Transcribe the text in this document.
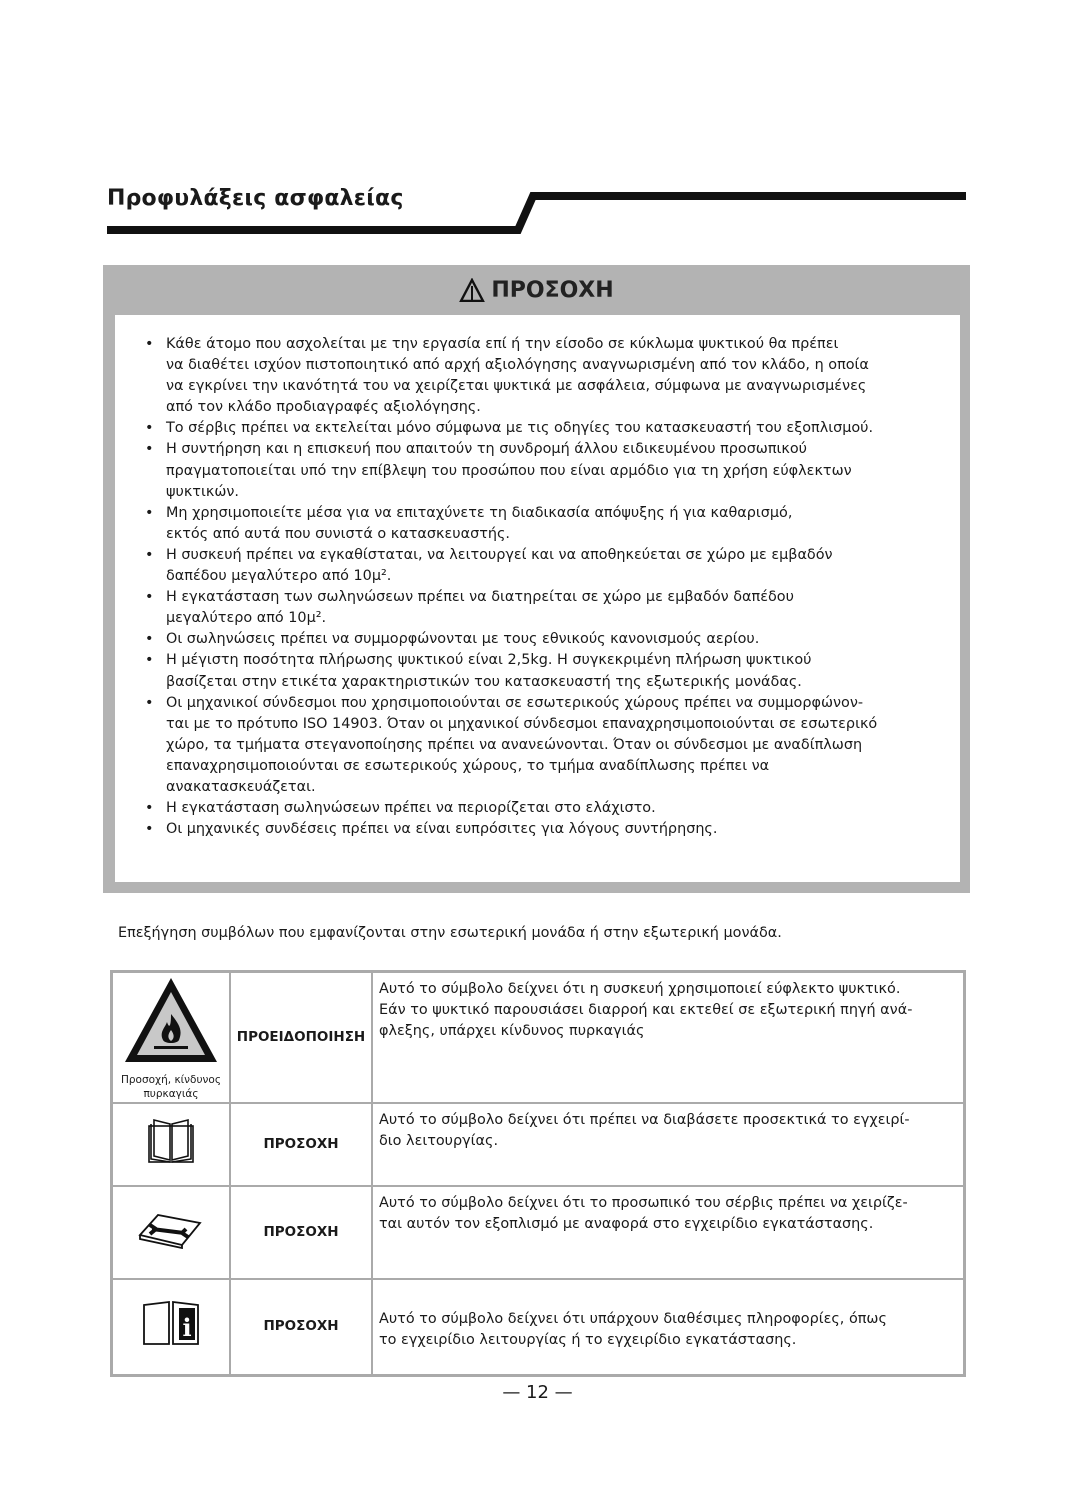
Προφυλάξεις ασφαλείας
ΠΡΟΣΟΧΗ
• Κάθε άτομο που ασχολείται με την εργασία επί ή την είσοδο σε κύκλωμα ψυκτικού θα πρέπει
να διαθέτει ισχύον πιστοποιητικό από αρχή αξιολόγησης αναγνωρισμένη από τον κλάδο, η οποία
να εγκρίνει την ικανότητά του να χειρίζεται ψυκτικά με ασφάλεια, σύμφωνα με αναγνωρισμένες
από τον κλάδο προδιαγραφές αξιολόγησης.
• Το σέρβις πρέπει να εκτελείται μόνο σύμφωνα με τις οδηγίες του κατασκευαστή του εξοπλισμού.
• Η συντήρηση και η επισκευή που απαιτούν τη συνδρομή άλλου ειδικευμένου προσωπικού
πραγματοποιείται υπό την επίβλεψη του προσώπου που είναι αρμόδιο για τη χρήση εύφλεκτων
ψυκτικών.
• Μη χρησιμοποιείτε μέσα για να επιταχύνετε τη διαδικασία απόψυξης ή για καθαρισμό,
εκτός από αυτά που συνιστά ο κατασκευαστής.
• Η συσκευή πρέπει να εγκαθίσταται, να λειτουργεί και να αποθηκεύεται σε χώρο με εμβαδόν
δαπέδου μεγαλύτερο από 10μ².
• Η εγκατάσταση των σωληνώσεων πρέπει να διατηρείται σε χώρο με εμβαδόν δαπέδου
μεγαλύτερο από 10μ².
• Οι σωληνώσεις πρέπει να συμμορφώνονται με τους εθνικούς κανονισμούς αερίου.
• Η μέγιστη ποσότητα πλήρωσης ψυκτικού είναι 2,5kg. Η συγκεκριμένη πλήρωση ψυκτικού
βασίζεται στην ετικέτα χαρακτηριστικών του κατασκευαστή της εξωτερικής μονάδας.
• Οι μηχανικοί σύνδεσμοι που χρησιμοποιούνται σε εσωτερικούς χώρους πρέπει να συμμορφώνον-
ται με το πρότυπο ISO 14903. Όταν οι μηχανικοί σύνδεσμοι επαναχρησιμοποιούνται σε εσωτερικό
χώρο, τα τμήματα στεγανοποίησης πρέπει να ανανεώνονται. Όταν οι σύνδεσμοι με αναδίπλωση
επαναχρησιμοποιούνται σε εσωτερικούς χώρους, το τμήμα αναδίπλωσης πρέπει να
ανακατασκευάζεται.
• Η εγκατάσταση σωληνώσεων πρέπει να περιορίζεται στο ελάχιστο.
• Οι μηχανικές συνδέσεις πρέπει να είναι ευπρόσιτες για λόγους συντήρησης.
Επεξήγηση συμβόλων που εμφανίζονται στην εσωτερική μονάδα ή στην εξωτερική μονάδα.
Προσοχή, κίνδυνος πυρκαγιάς	ΠΡΟΕΙΔΟΠΟΙΗΣΗ	Αυτό το σύμβολο δείχνει ότι η συσκευή χρησιμοποιεί εύφλεκτο ψυκτικό.
Εάν το ψυκτικό παρουσιάσει διαρροή και εκτεθεί σε εξωτερική πηγή ανά-
φλεξης, υπάρχει κίνδυνος πυρκαγιάς

	ΠΡΟΣΟΧΗ	Αυτό το σύμβολο δείχνει ότι πρέπει να διαβάσετε προσεκτικά το εγχειρί-
διο λειτουργίας.

	ΠΡΟΣΟΧΗ	Αυτό το σύμβολο δείχνει ότι το προσωπικό του σέρβις πρέπει να χειρίζε-
ται αυτόν τον εξοπλισμό με αναφορά στο εγχειρίδιο εγκατάστασης.

i	ΠΡΟΣΟΧΗ	Αυτό το σύμβολο δείχνει ότι υπάρχουν διαθέσιμες πληροφορίες, όπως
το εγχειρίδιο λειτουργίας ή το εγχειρίδιο εγκατάστασης.
— 12 —
